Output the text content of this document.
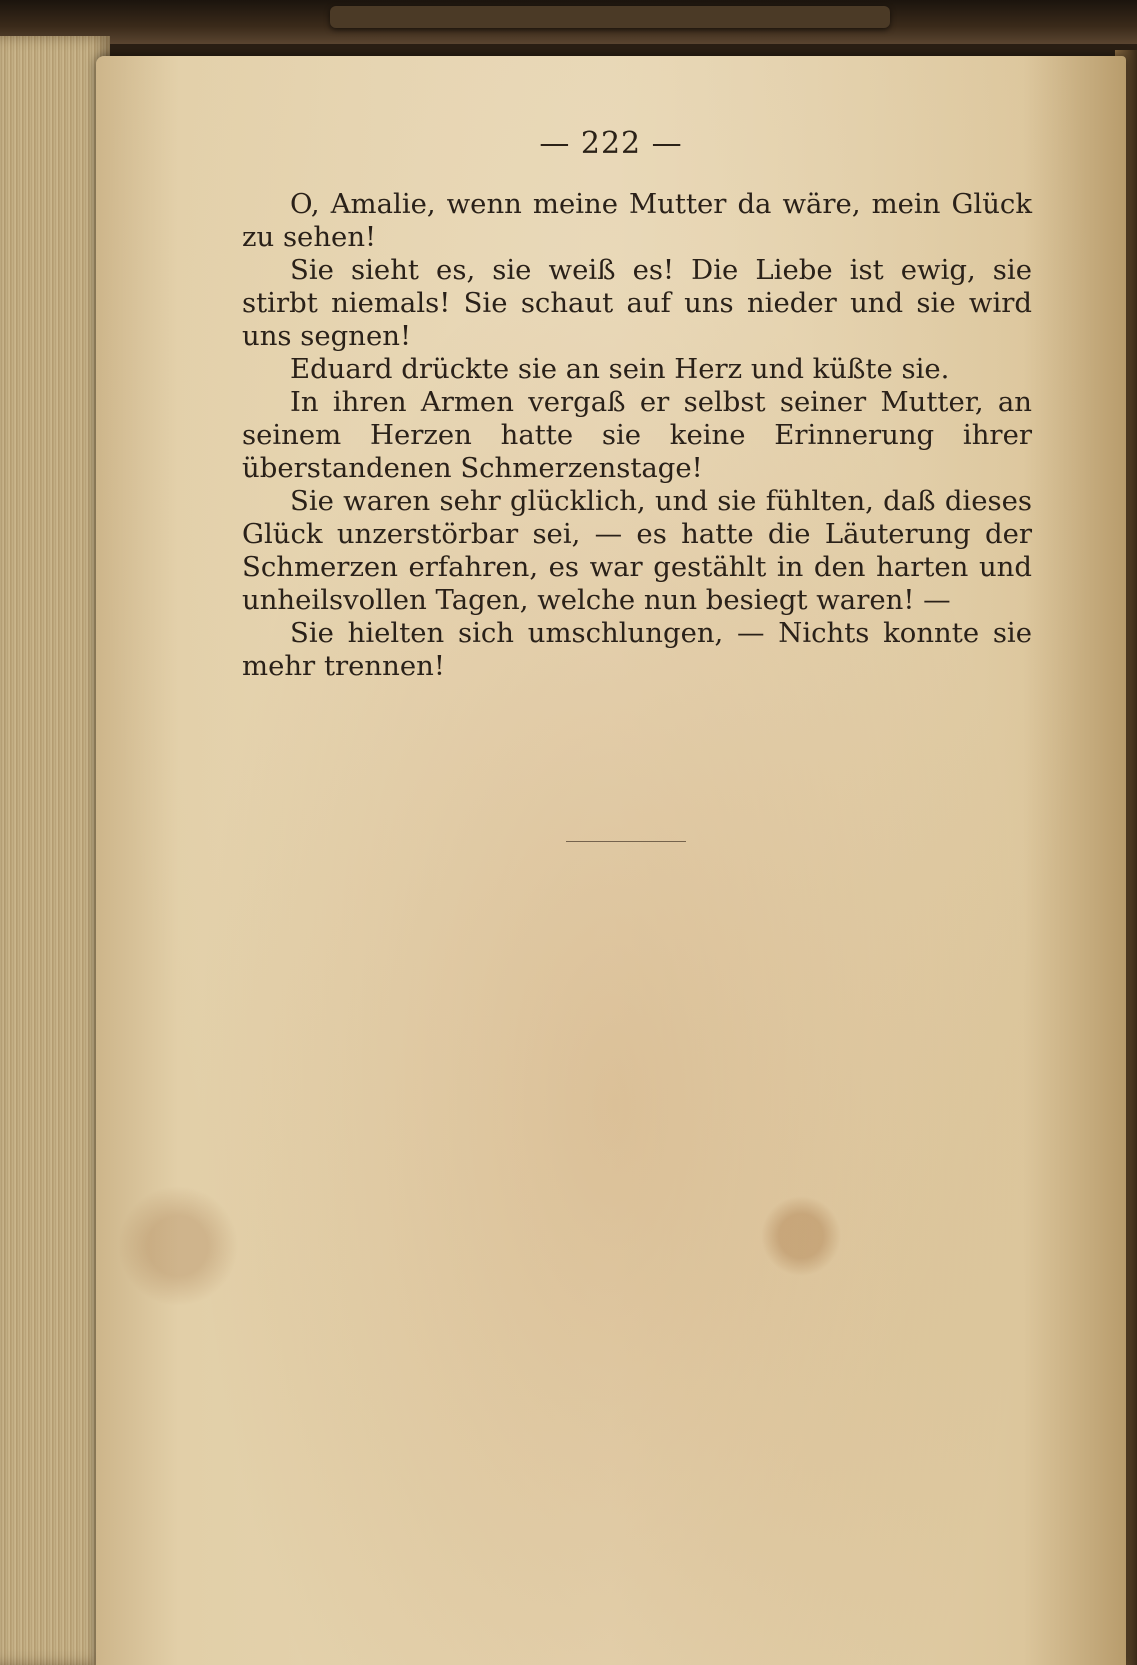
— 222 —

O, Amalie, wenn meine Mutter da wäre, mein Glück zu sehen!

Sie sieht es, sie weiß es! Die Liebe ist ewig, sie stirbt niemals! Sie schaut auf uns nieder und sie wird uns segnen!

Eduard drückte sie an sein Herz und küßte sie.

In ihren Armen vergaß er selbst seiner Mutter, an seinem Herzen hatte sie keine Erinnerung ihrer überstandenen Schmerzenstage!

Sie waren sehr glücklich, und sie fühlten, daß dieses Glück unzerstörbar sei, — es hatte die Läuterung der Schmerzen erfahren, es war gestählt in den harten und unheilsvollen Tagen, welche nun besiegt waren! —

Sie hielten sich umschlungen, — Nichts konnte sie mehr trennen!
